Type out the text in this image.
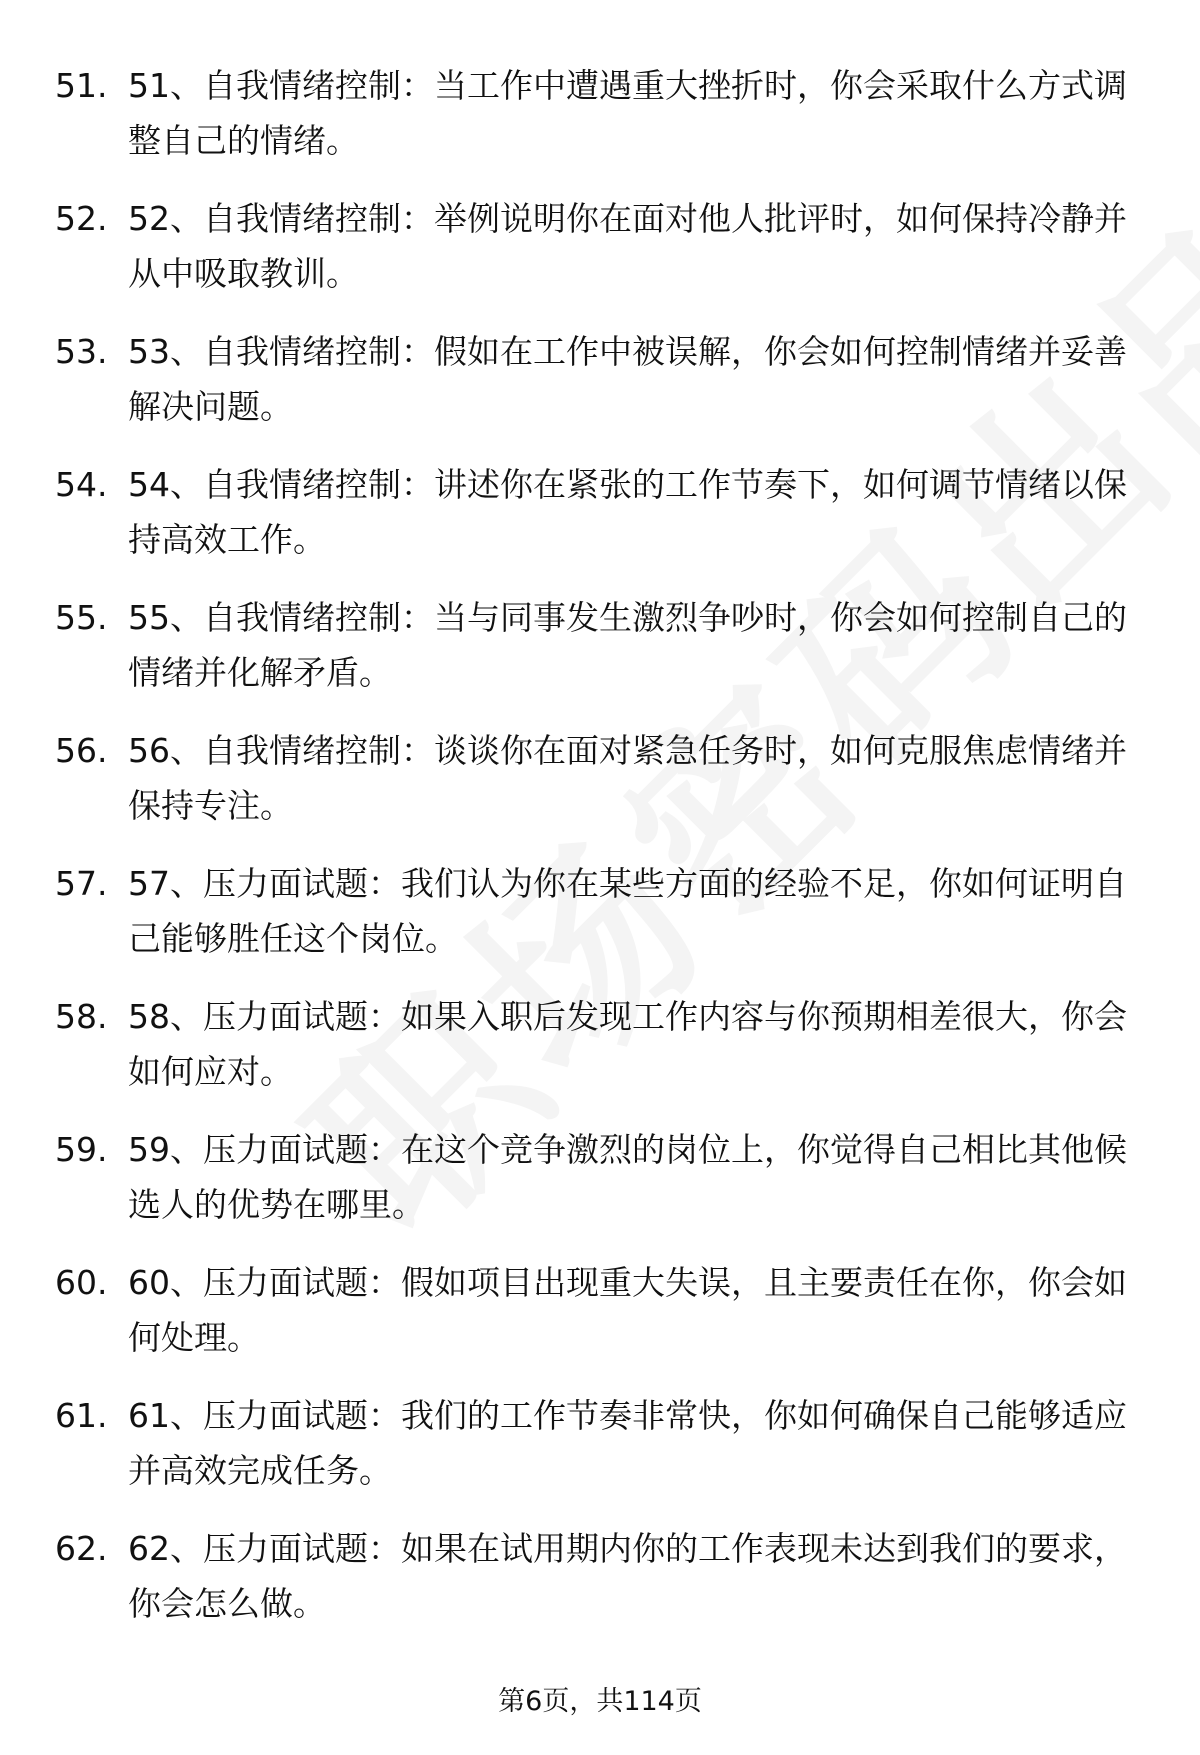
51. 51、自我情绪控制：当工作中遭遇重大挫折时，你会采取什么方式调整自己的情绪。
52. 52、自我情绪控制：举例说明你在面对他人批评时，如何保持冷静并从中吸取教训。
53. 53、自我情绪控制：假如在工作中被误解，你会如何控制情绪并妥善解决问题。
54. 54、自我情绪控制：讲述你在紧张的工作节奏下，如何调节情绪以保持高效工作。
55. 55、自我情绪控制：当与同事发生激烈争吵时，你会如何控制自己的情绪并化解矛盾。
56. 56、自我情绪控制：谈谈你在面对紧急任务时，如何克服焦虑情绪并保持专注。
57. 57、压力面试题：我们认为你在某些方面的经验不足，你如何证明自己能够胜任这个岗位。
58. 58、压力面试题：如果入职后发现工作内容与你预期相差很大，你会如何应对。
59. 59、压力面试题：在这个竞争激烈的岗位上，你觉得自己相比其他候选人的优势在哪里。
60. 60、压力面试题：假如项目出现重大失误，且主要责任在你，你会如何处理。
61. 61、压力面试题：我们的工作节奏非常快，你如何确保自己能够适应并高效完成任务。
62. 62、压力面试题：如果在试用期内你的工作表现未达到我们的要求，你会怎么做。
第6页，共114页
